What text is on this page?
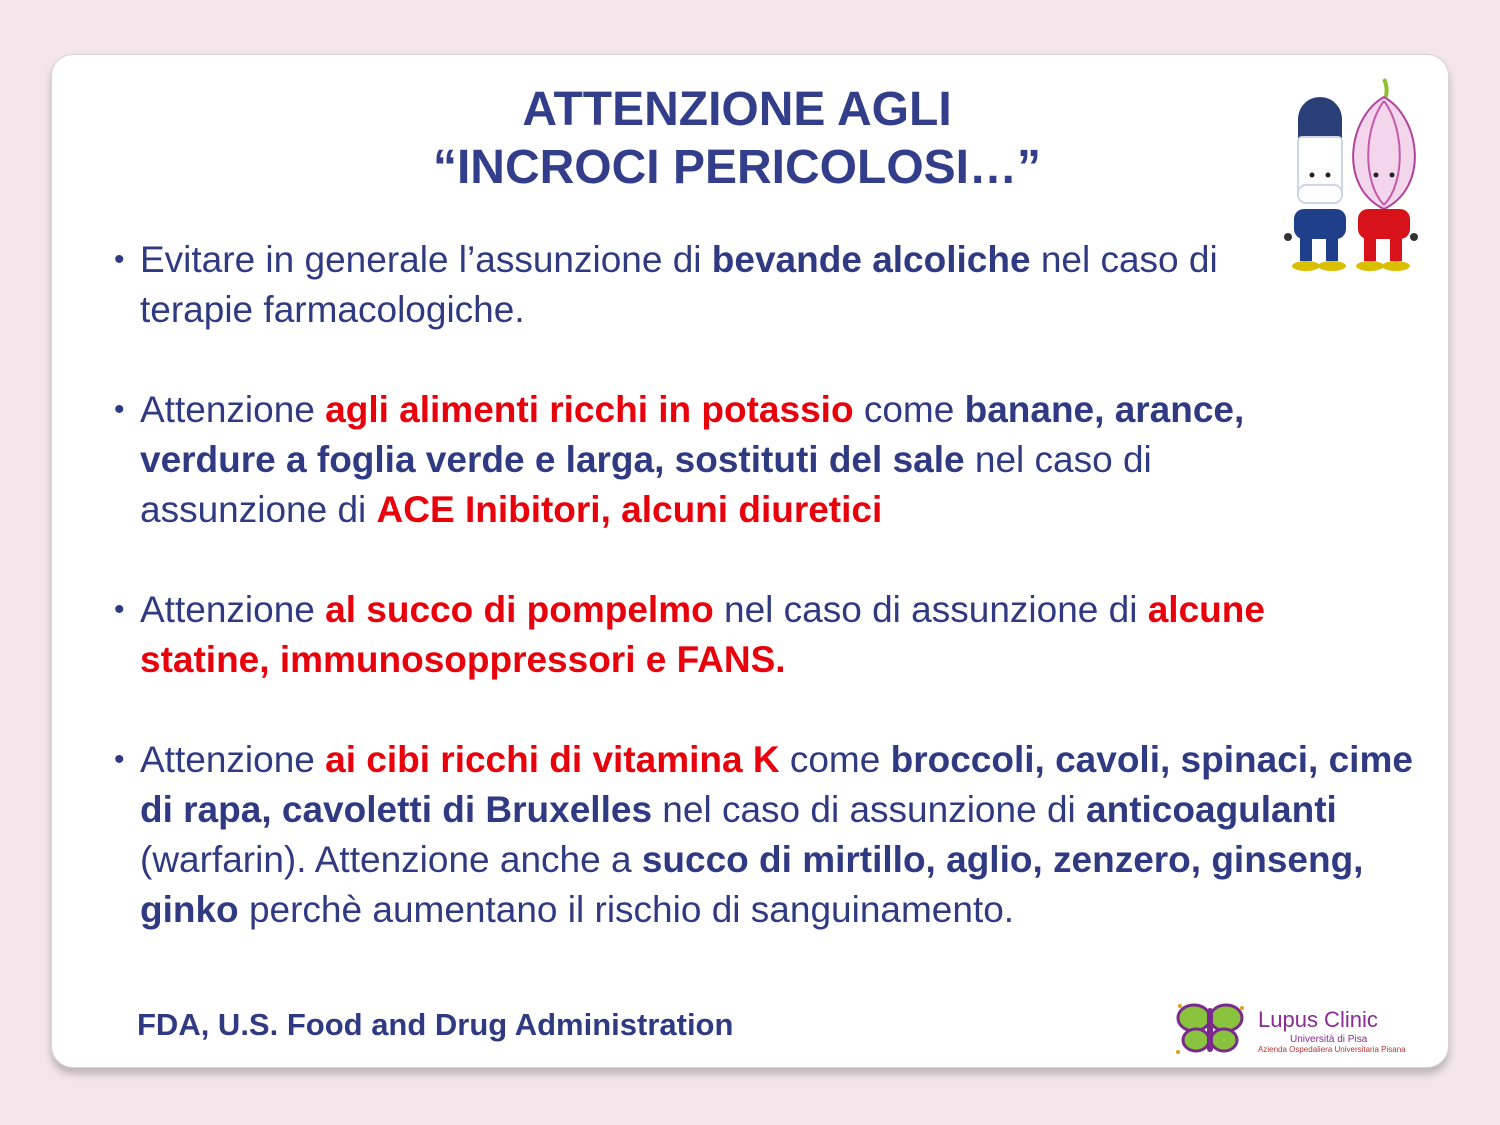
ATTENZIONE AGLI
“INCROCI PERICOLOSI…”

• Evitare in generale l’assunzione di bevande alcoliche nel caso di terapie farmacologiche.

• Attenzione agli alimenti ricchi in potassio come banane, arance, verdure a foglia verde e larga, sostituti del sale nel caso di assunzione di ACE Inibitori, alcuni diuretici

• Attenzione al succo di pompelmo nel caso di assunzione di alcune statine, immunosoppressori e FANS.

• Attenzione ai cibi ricchi di vitamina K come broccoli, cavoli, spinaci, cime di rapa, cavoletti di Bruxelles nel caso di assunzione di anticoagulanti (warfarin). Attenzione anche a succo di mirtillo, aglio, zenzero, ginseng, ginko perchè aumentano il rischio di sanguinamento.

FDA, U.S. Food and Drug Administration	Lupus Clinic
Università di Pisa
Azienda Ospedaliera Universitaria Pisana
